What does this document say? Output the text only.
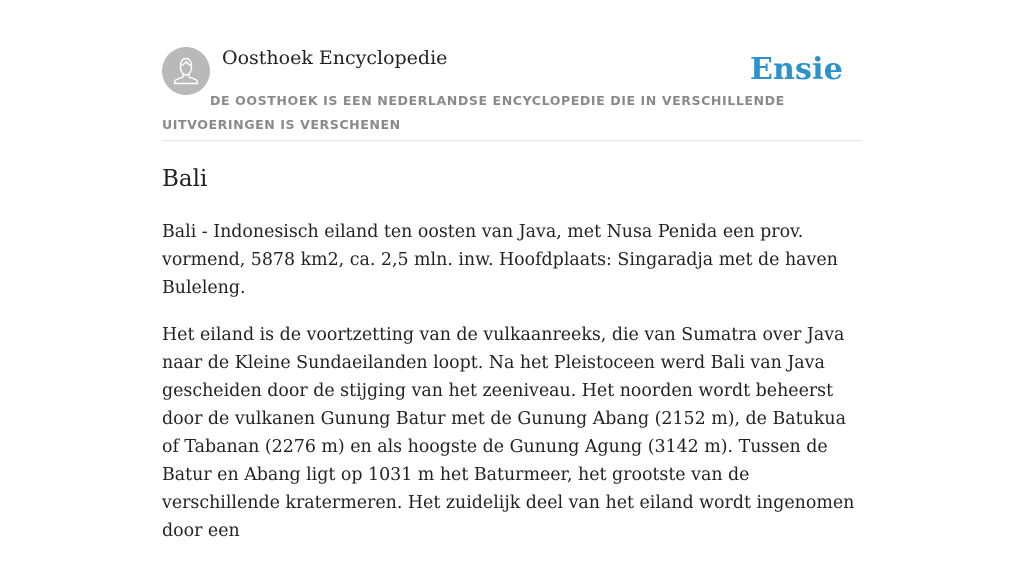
Oosthoek Encyclopedie	Ensie
DE OOSTHOEK IS EEN NEDERLANDSE ENCYCLOPEDIE DIE IN VERSCHILLENDE UITVOERINGEN IS VERSCHENEN
Bali

Bali - Indonesisch eiland ten oosten van Java, met Nusa Penida een prov. vormend, 5878 km2, ca. 2,5 mln. inw. Hoofdplaats: Singaradja met de haven Buleleng.

Het eiland is de voortzetting van de vulkaanreeks, die van Sumatra over Java naar de Kleine Sundaeilanden loopt. Na het Pleistoceen werd Bali van Java gescheiden door de stijging van het zeeniveau. Het noorden wordt beheerst door de vulkanen Gunung Batur met de Gunung Abang (2152 m), de Batukua of Tabanan (2276 m) en als hoogste de Gunung Agung (3142 m). Tussen de Batur en Abang ligt op 1031 m het Baturmeer, het grootste van de verschillende kratermeren. Het zuidelijk deel van het eiland wordt ingenomen door een
